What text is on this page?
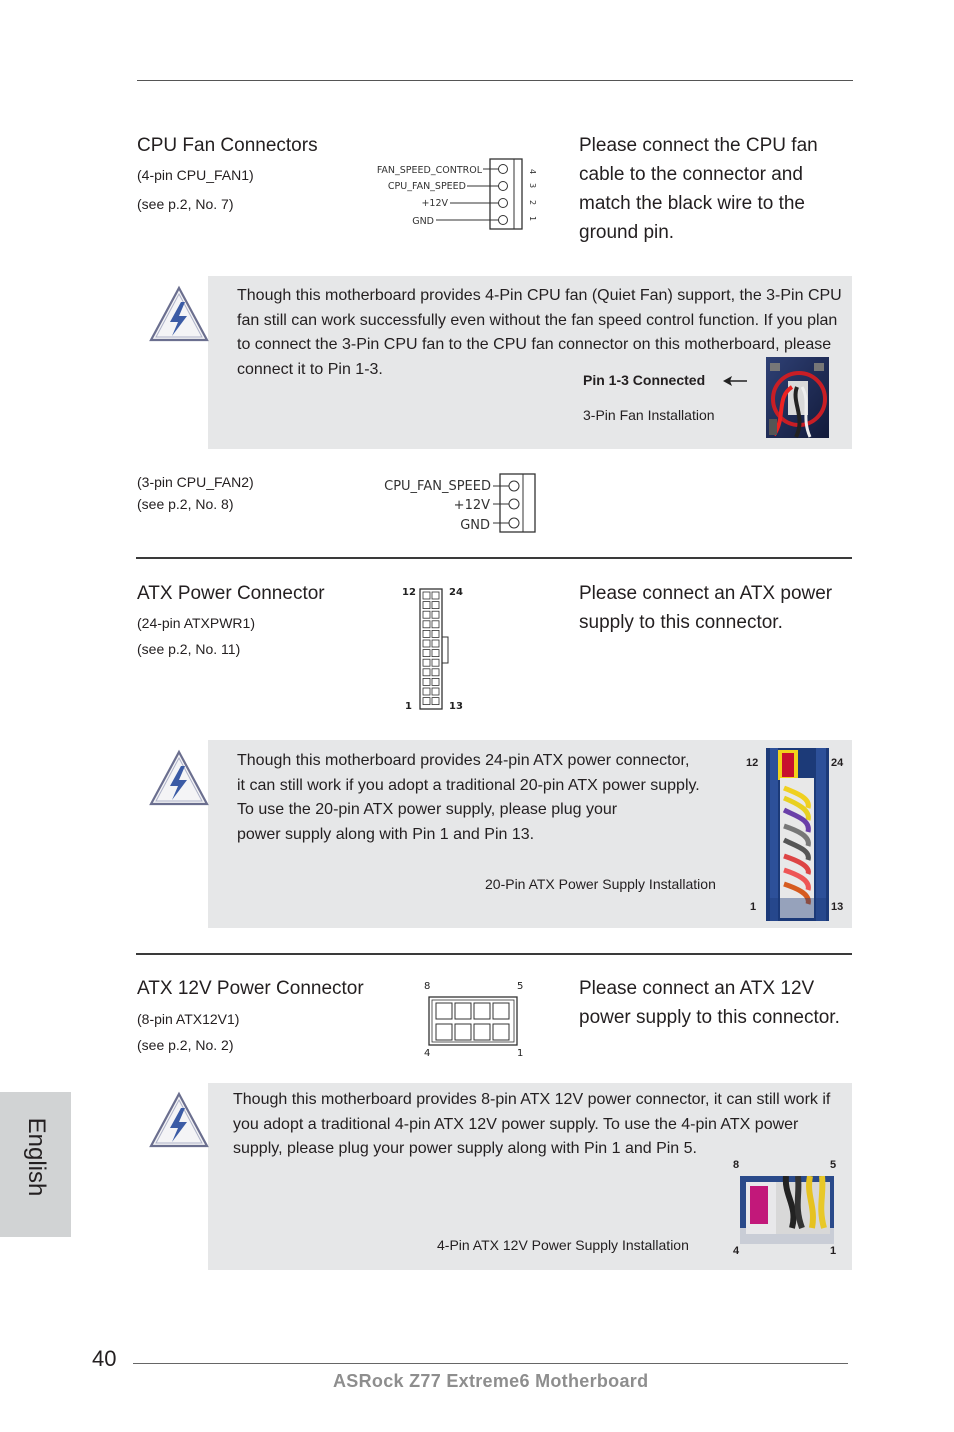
CPU Fan Connectors
(4-pin CPU_FAN1)
(see p.2, No. 7)
FAN_SPEED_CONTROL
CPU_FAN_SPEED
+12V
GND
4
3
2
1
Please connect the CPU fan cable to the connector and match the black wire to the ground pin.
Though this motherboard provides 4-Pin CPU fan (Quiet Fan) support, the 3-Pin CPU fan still can work successfully even without the fan speed control function. If you plan to connect the 3-Pin CPU fan to the CPU fan connector on this motherboard, please connect it to Pin 1-3.
Pin 1-3 Connected
3-Pin Fan Installation
(3-pin CPU_FAN2)
(see p.2, No. 8)
CPU_FAN_SPEED
+12V
GND
ATX Power Connector
(24-pin ATXPWR1)
(see p.2, No. 11)
12	24
1	13
Please connect an ATX power supply to this connector.
Though this motherboard provides 24-pin ATX power connector,
it can still work if you adopt a traditional 20-pin ATX power supply.
To use the 20-pin ATX power supply, please plug your
power supply along with Pin 1 and Pin 13.
20-Pin ATX Power Supply Installation
12	24
1	13
ATX 12V Power Connector
(8-pin ATX12V1)
(see p.2, No. 2)
8	5
4	1
Please connect an ATX 12V power supply to this connector.
Though this motherboard provides 8-pin ATX 12V power connector, it can still work if you adopt a traditional 4-pin ATX 12V power supply. To use the 4-pin ATX power supply, please plug your power supply along with Pin 1 and Pin 5.
4-Pin ATX 12V Power Supply Installation
8	5
4	1
English
40
ASRock Z77 Extreme6 Motherboard
